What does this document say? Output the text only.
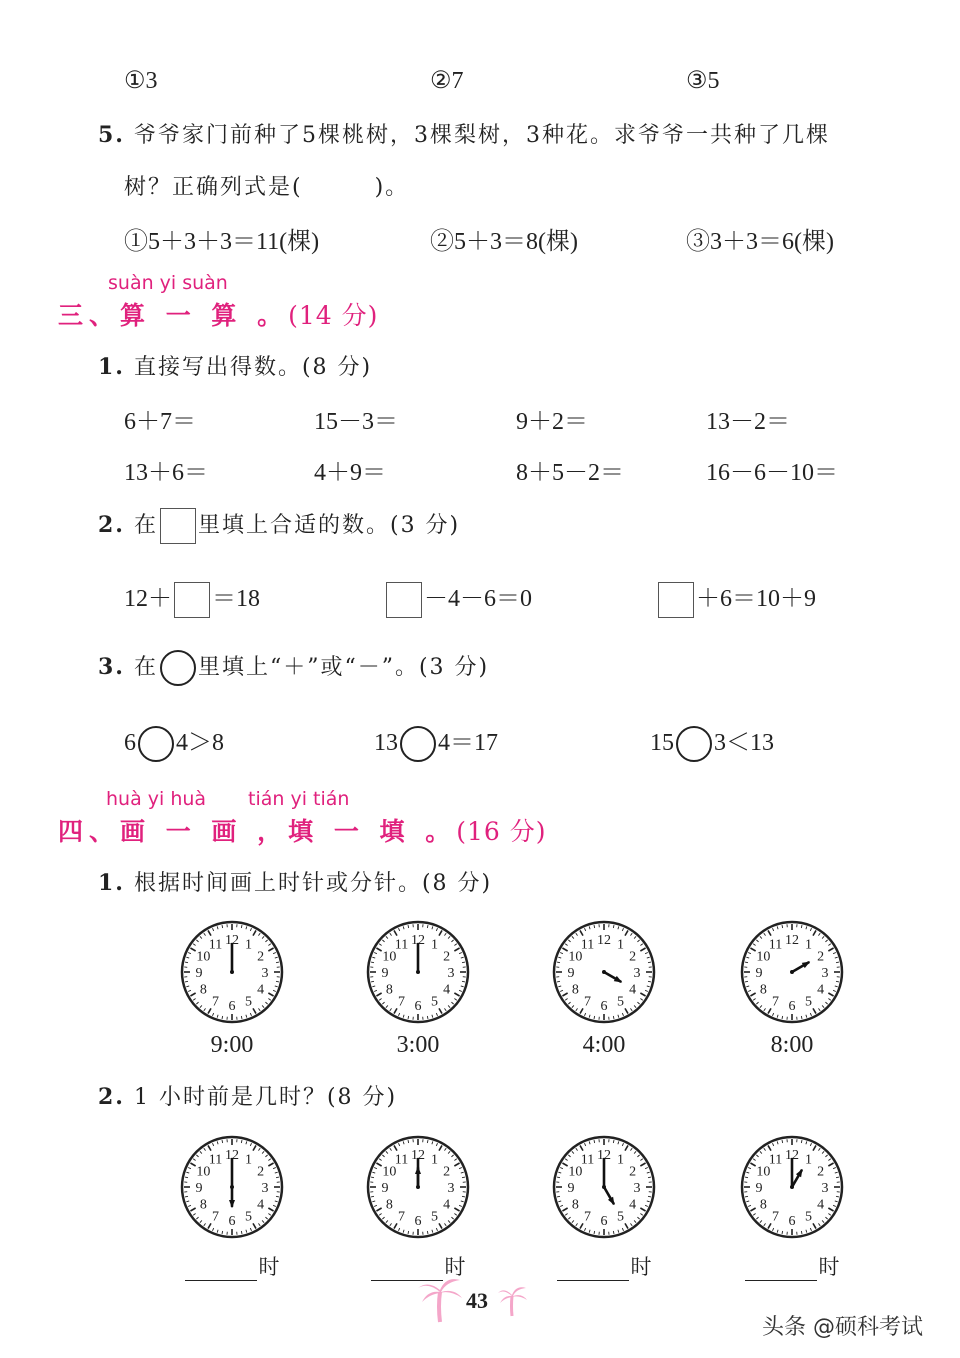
①3	②7	③5
5. 爷爷家门前种了5棵桃树，3棵梨树，3种花。求爷爷一共种了几棵
树？正确列式是(　　　)。
①5＋3＋3＝11(棵)	②5＋3＝8(棵)	③3＋3＝6(棵)
suàn yi suàn
三、算 一 算 。(14 分)
1. 直接写出得数。(8 分)
6＋7＝	15－3＝	9＋2＝	13－2＝
13＋6＝	4＋9＝	8＋5－2＝	16－6－10＝
2. 在 里填上合适的数。(3 分)
12＋ ＝18	－4－6＝0	＋6＝10＋9
3. 在 里填上“＋”或“－”。(3 分)
6 4＞8	13 4＝17	15 3＜13
huà yi huà tián yi tián
四、画 一 画 ，填 一 填 。(16 分)
1. 根据时间画上时针或分针。(8 分)
12 1
2
3
4
5
6
7
8
9
10
11
9:00
12 1
2
3
4
5
6
7
8
9
10
11
3:00
12 1
2
3
4
5
6
7
8
9
10
11
4:00
12 1
2
3
4
5
6
7
8
9
10
11
8:00
2. 1 小时前是几时？(8 分)
12 1
2
3
4
5
6
7
8
9
10
11
时
12 1
2
3
4
5
6
7
8
9
10
11
时
12 1
2
3
4
5
6
7
8
9
10
11
时
12 1
2
3
4
5
6
7
8
9
10
11
时
43
头条 @硕科考试
